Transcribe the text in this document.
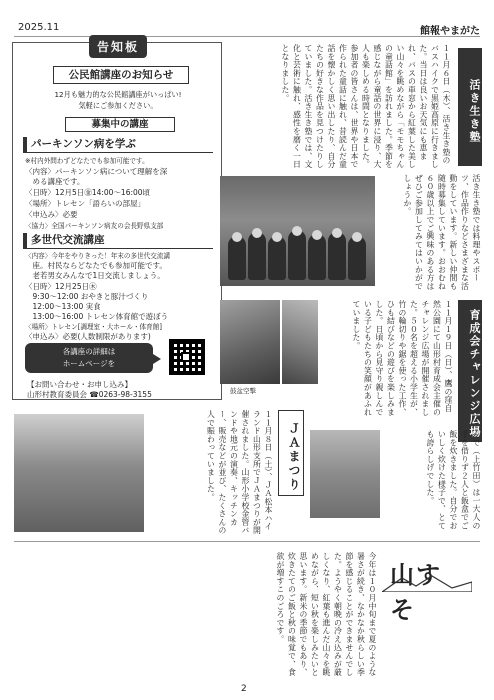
2025.11	館報やまがた
告知板
公民館講座のお知らせ
12月も魅力的な公民館講座がいっぱい!
気軽にご参加ください。
募集中の講座
パーキンソン病を学ぶ
※村内外問わずどなたでも参加可能です。
〈内容〉パーキンソン病について理解を深
　める講座です。
〈日時〉12月5日㊎14:00～16:00頃
〈場所〉トレセン「語らいの部屋」
〈申込み〉必要
〈協力〉全国パーキンソン病友の会長野県支部
多世代交流講座
〈内容〉今年をやりきった！年末の多世代交流講
　座。村民ならどなたでも参加可能です。
　老若男女みんなで1日交流しましょう。
〈日時〉12月25日㊍
　9:30～12:00 おやきと豚汁づくり
　12:00～13:00 実食
　13:00～16:00 トレセン体育館で遊ぼう
〈場所〉トレセン[調理室・大ホール・体育館]
〈申込み〉必要(人数制限があります)
各講座の詳細は
ホームページを
【お問い合わせ・お申し込み】
山形村教育委員会 ☎0263-98-3155
活き生き塾
１１月６日（木）、活き生き塾のバスハイクで黒姫高原に行きました。当日は良いお天気にも恵まれ、バスの車窓から紅葉した美しい山々を眺めながら「モモちゃんの童話館」を訪れました。季節を感じながら童話の世界に浸り、大人も楽しめる時間となりました。参加者の皆さんは、世界や日本で作られた童話に触れ、昔読んだ童話を懐かしく思い出したり、自分たちの好きな作品を見つけたりしていました。活き生き塾では、文化と芸術に触れ、感性を磨く一日となりました。
活き生き塾では料理やスポーツ、作品作りなどさまざまな活動をしています。新しい仲間も随時募集しています。おおむね６０歳以上でご興味のある方はぜひご参加してみてはいかがでしょうか。
育成会チャレンジ広場
１１月１９日（日）、鷹の窪自然公園にて山形村育成会主催のチャレンジ広場が開催されました。５０名を超える小学生が、竹の輪切りや鋸を使った工作、ひも結びなどの遊びを楽しみました。日頃から見守り親しんでいる子どもたちの笑顔があふれていました。
んで（上竹田）は一大人の手を借りず２人と飯盒でご飯を炊きました。自分でおいしく炊けた様子で、とても誇らしげでした。
鼓盆空撃
ＪＡまつり
１１月８日（土）、ＪＡ松本ハイランド山形支所でＪＡまつりが開催されました。山形小学校金管バンドや地元の演奏、キッチンカー、販売などが並び、たくさんの人で賑わっていました。
山すそ
今年は１０月中旬まで夏のような暑さが続き、なかなか秋らしい季節を感じることができませんでした。ようやく朝晩の冷え込みが厳しくなり、紅葉も進んだ山々を眺めながら、短い秋を楽しみたいと思います。新米の季節でもあり、炊きたてのご飯と秋の味覚で、食欲が増すこのごろです。
2
